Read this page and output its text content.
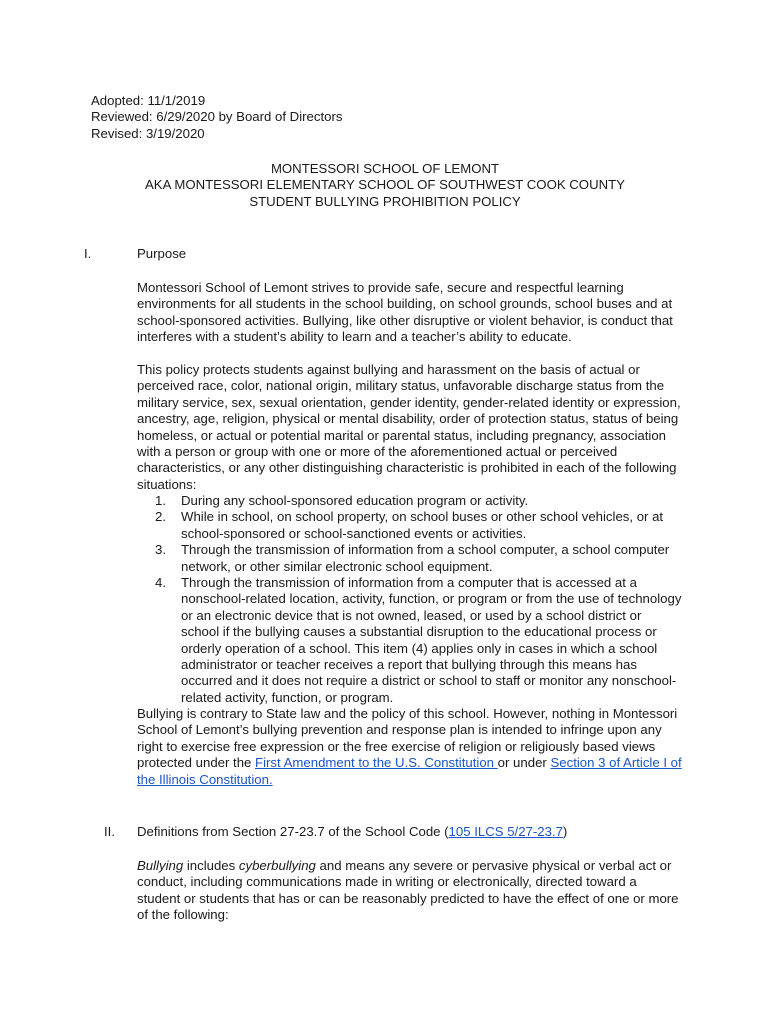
Adopted: 11/1/2019
Reviewed: 6/29/2020 by Board of Directors
Revised: 3/19/2020
MONTESSORI SCHOOL OF LEMONT
AKA MONTESSORI ELEMENTARY SCHOOL OF SOUTHWEST COOK COUNTY
STUDENT BULLYING PROHIBITION POLICY
I.	Purpose

Montessori School of Lemont strives to provide safe, secure and respectful learning environments for all students in the school building, on school grounds, school buses and at school-sponsored activities. Bullying, like other disruptive or violent behavior, is conduct that interferes with a student’s ability to learn and a teacher’s ability to educate.

This policy protects students against bullying and harassment on the basis of actual or perceived race, color, national origin, military status, unfavorable discharge status from the military service, sex, sexual orientation, gender identity, gender-related identity or expression, ancestry, age, religion, physical or mental disability, order of protection status, status of being homeless, or actual or potential marital or parental status, including pregnancy, association with a person or group with one or more of the aforementioned actual or perceived characteristics, or any other distinguishing characteristic is prohibited in each of the following situations:

1. During any school-sponsored education program or activity.
2. While in school, on school property, on school buses or other school vehicles, or at school-sponsored or school-sanctioned events or activities.
3. Through the transmission of information from a school computer, a school computer network, or other similar electronic school equipment.
4. Through the transmission of information from a computer that is accessed at a nonschool-related location, activity, function, or program or from the use of technology or an electronic device that is not owned, leased, or used by a school district or school if the bullying causes a substantial disruption to the educational process or orderly operation of a school. This item (4) applies only in cases in which a school administrator or teacher receives a report that bullying through this means has occurred and it does not require a district or school to staff or monitor any nonschool-related activity, function, or program.

Bullying is contrary to State law and the policy of this school. However, nothing in Montessori School of Lemont’s bullying prevention and response plan is intended to infringe upon any right to exercise free expression or the free exercise of religion or religiously based views protected under the First Amendment to the U.S. Constitution or under Section 3 of Article I of the Illinois Constitution.

II. Definitions from Section 27-23.7 of the School Code (105 ILCS 5/27-23.7)

Bullying includes cyberbullying and means any severe or pervasive physical or verbal act or conduct, including communications made in writing or electronically, directed toward a student or students that has or can be reasonably predicted to have the effect of one or more of the following:
